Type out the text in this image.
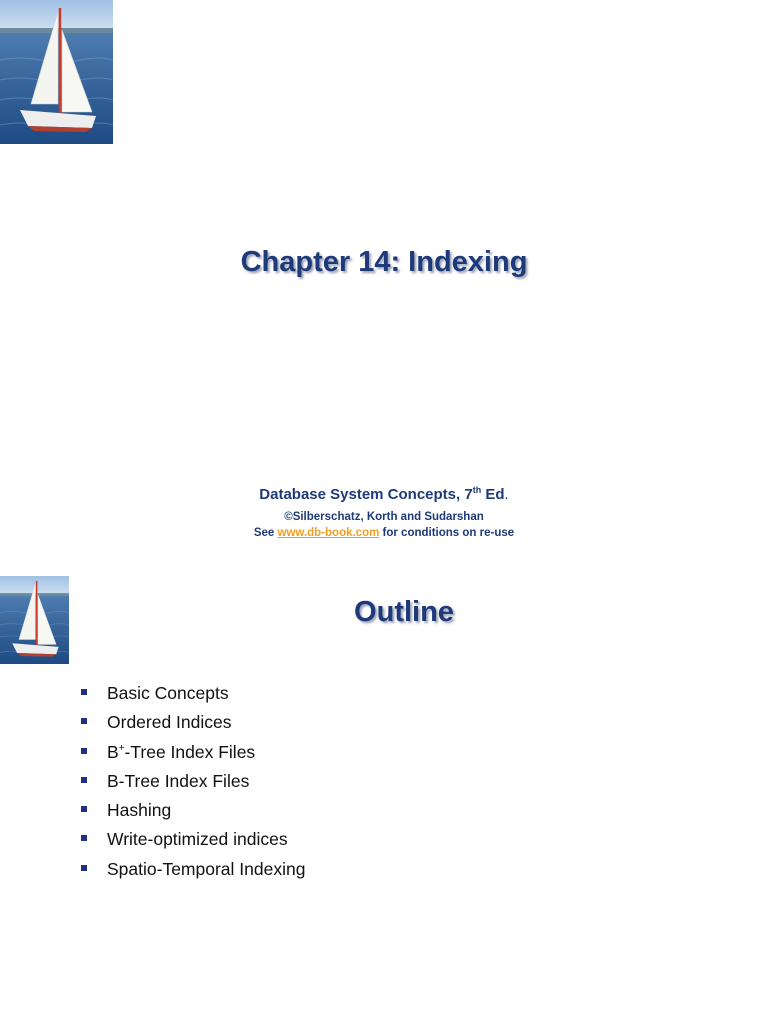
Chapter 14: Indexing
Database System Concepts, 7th Ed.
©Silberschatz, Korth and Sudarshan
See www.db-book.com for conditions on re-use
Outline
Basic Concepts
Ordered Indices
B+-Tree Index Files
B-Tree Index Files
Hashing
Write-optimized indices
Spatio-Temporal Indexing
